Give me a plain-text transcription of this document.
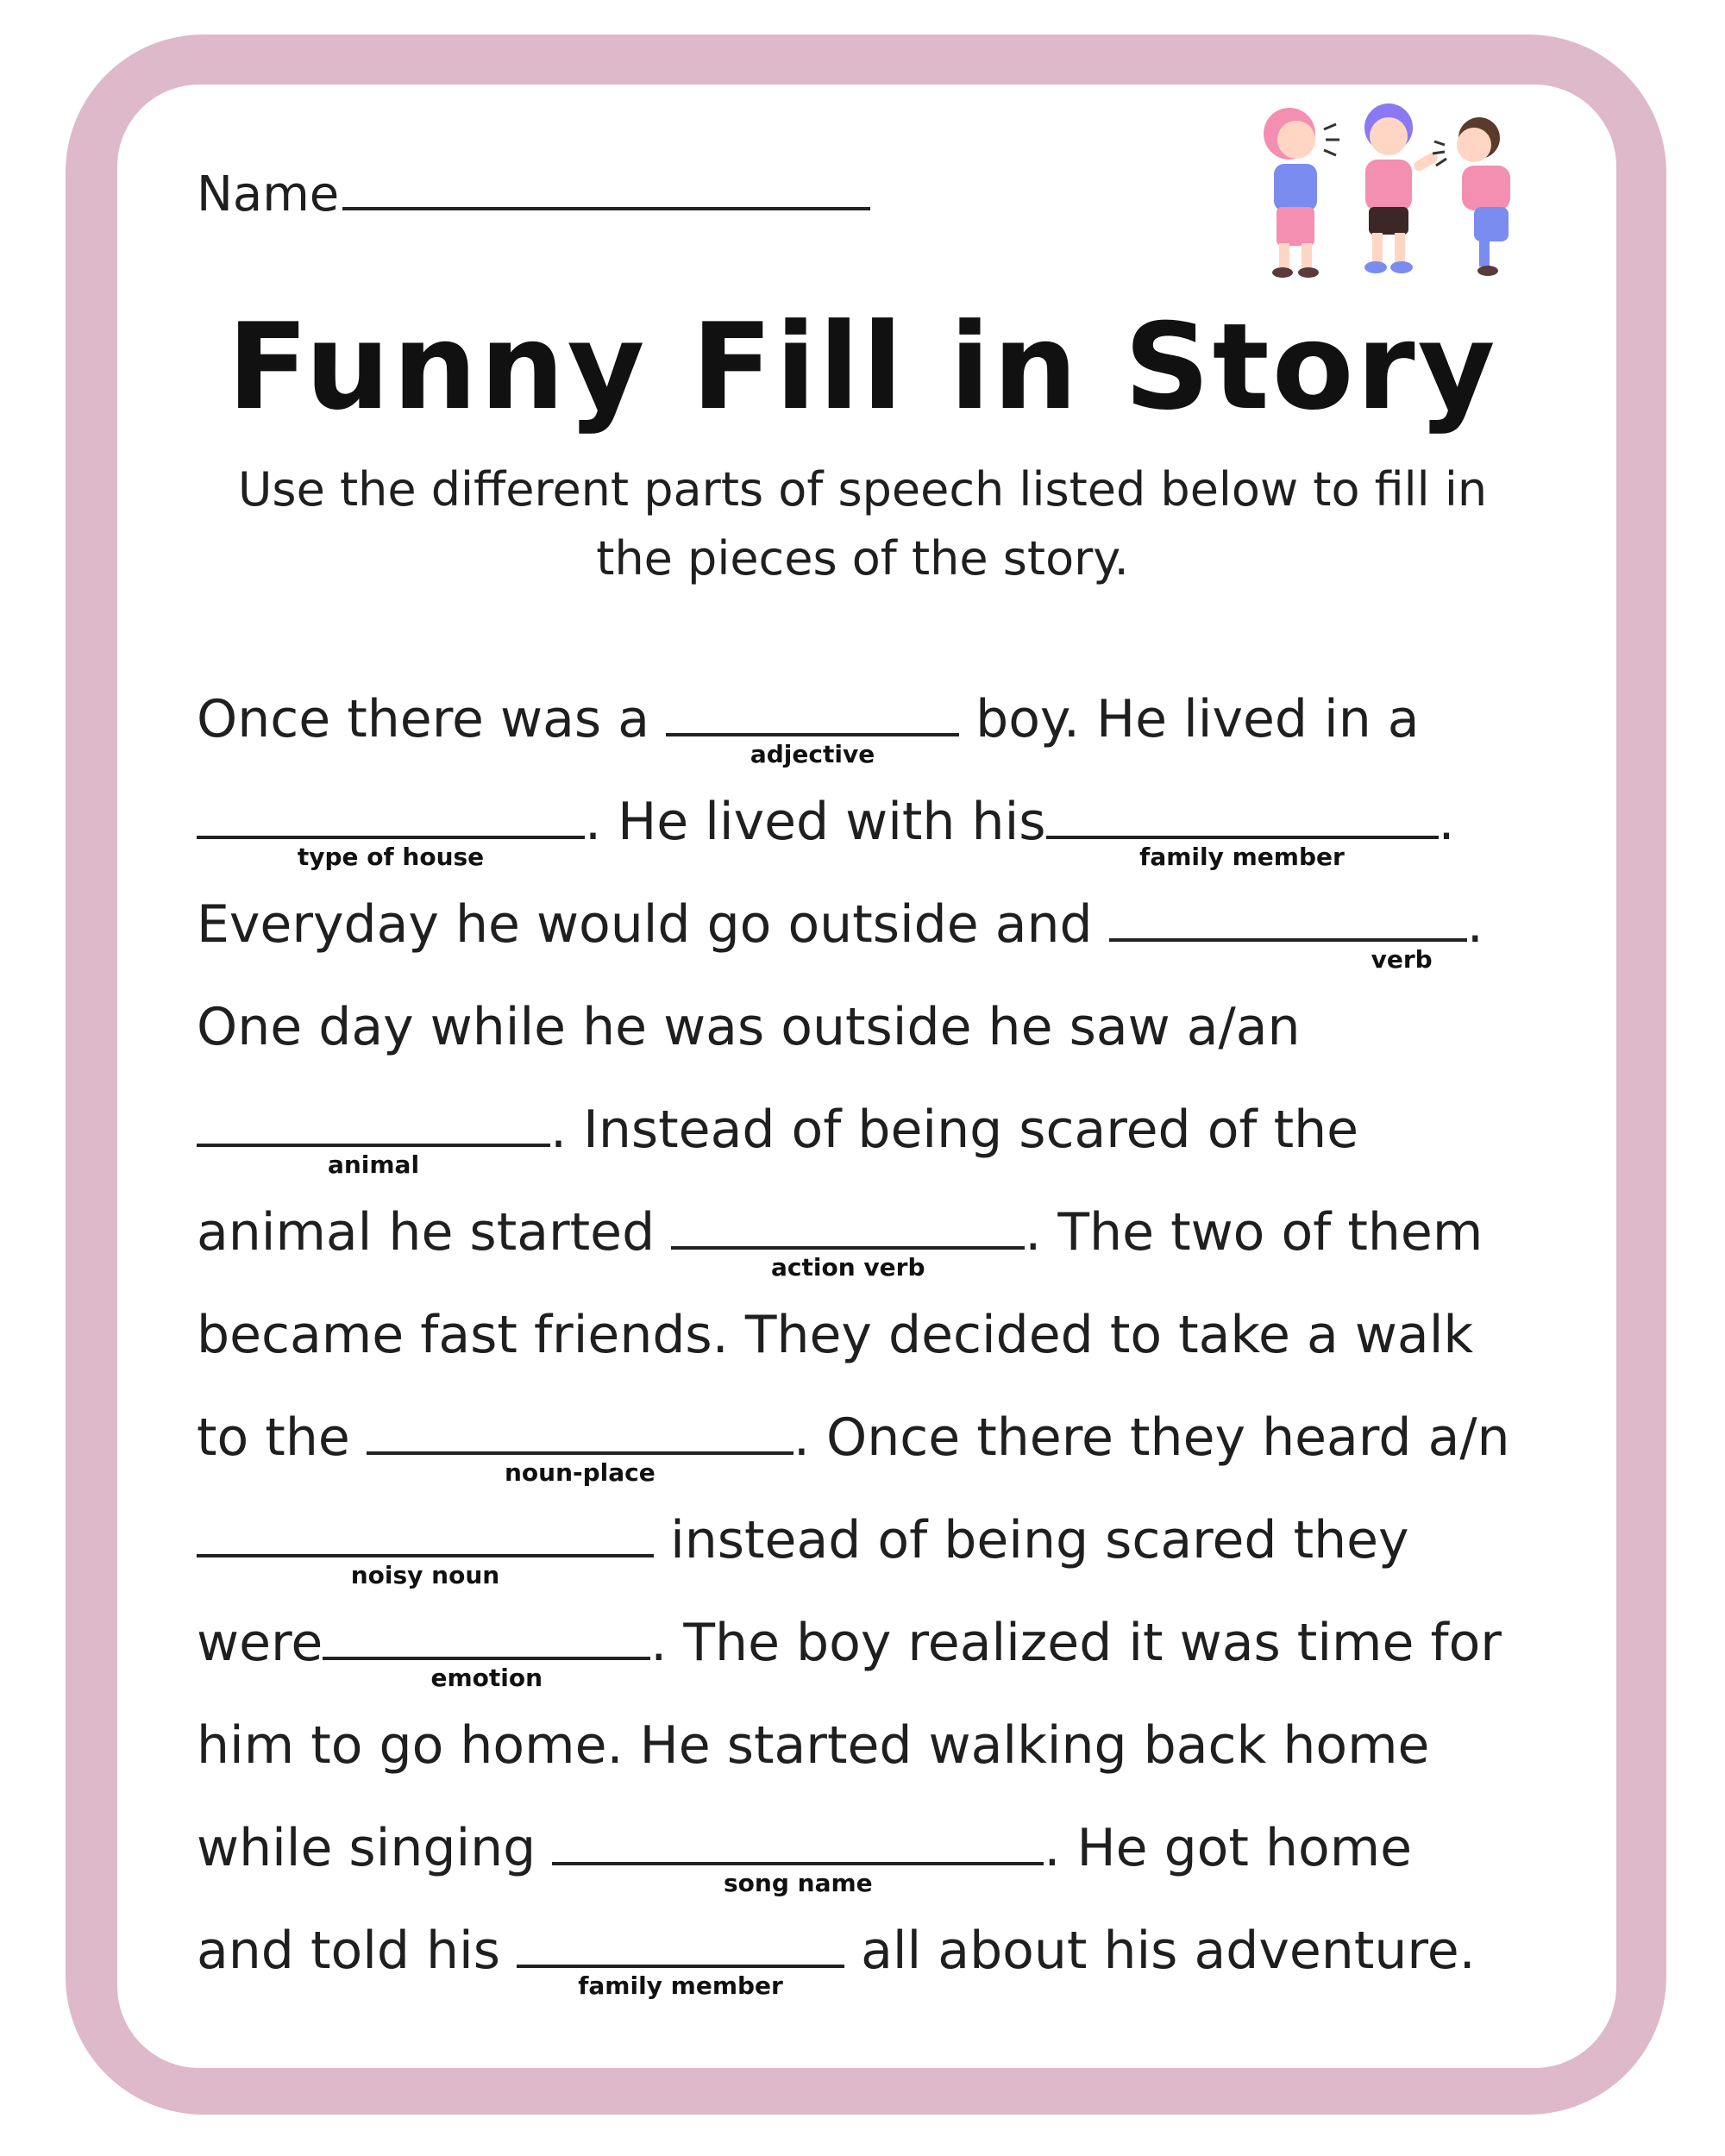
Name
Funny Fill in Story
Use the different parts of speech listed below to fill in the pieces of the story.
Once there was a
adjective
boy. He lived in a
type of house
. He lived with his
family member
.
Everyday he would go outside and
verb
.
One day while he was outside he saw a/an
animal
. Instead of being scared of the
animal he started
action verb
. The two of them
became fast friends. They decided to take a walk
to the
noun-place
. Once there they heard a/n
noisy noun
instead of being scared they
were
emotion
. The boy realized it was time for
him to go home. He started walking back home
while singing
song name
. He got home
and told his
family member
all about his adventure.
